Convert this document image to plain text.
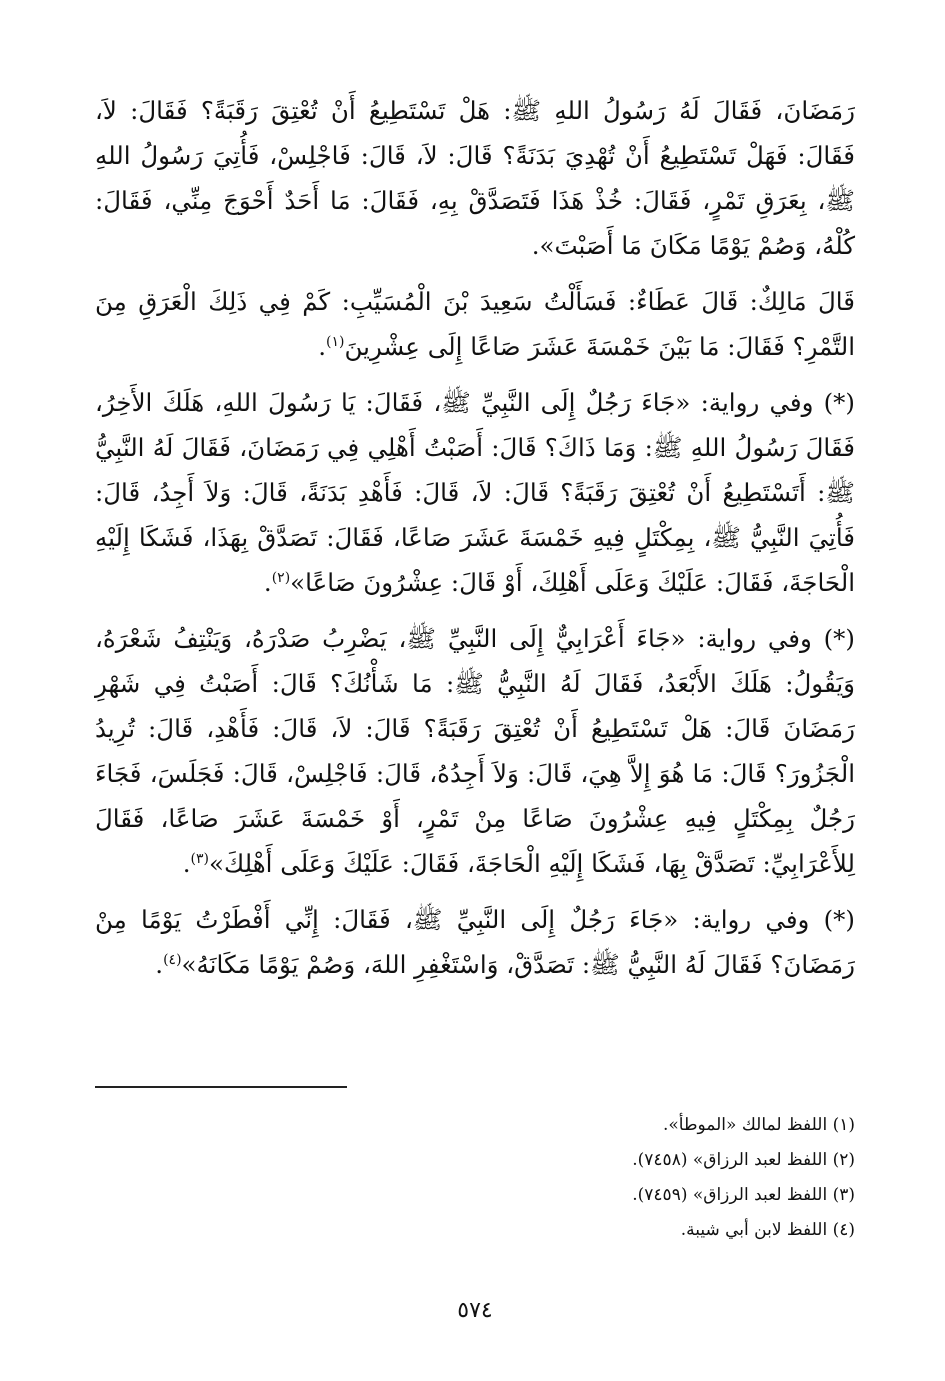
رَمَضَانَ، فَقَالَ لَهُ رَسُولُ اللهِ ﷺ: هَلْ تَسْتَطِيعُ أَنْ تُعْتِقَ رَقَبَةً؟ فَقَالَ: لاَ، فَقَالَ: فَهَلْ تَسْتَطِيعُ أَنْ تُهْدِيَ بَدَنَةً؟ قَالَ: لاَ، قَالَ: فَاجْلِسْ، فَأُتِيَ رَسُولُ اللهِ ﷺ، بِعَرَقِ تَمْرٍ، فَقَالَ: خُذْ هَذَا فَتَصَدَّقْ بِهِ، فَقَالَ: مَا أَحَدٌ أَحْوَجَ مِنِّي، فَقَالَ: كُلْهُ، وَصُمْ يَوْمًا مَكَانَ مَا أَصَبْتَ».

قَالَ مَالِكٌ: قَالَ عَطَاءٌ: فَسَأَلْتُ سَعِيدَ بْنَ الْمُسَيِّبِ: كَمْ فِي ذَلِكَ الْعَرَقِ مِنَ التَّمْرِ؟ فَقَالَ: مَا بَيْنَ خَمْسَةَ عَشَرَ صَاعًا إِلَى عِشْرِينَ$^{(١)}$.

(*) وفي رواية: «جَاءَ رَجُلٌ إِلَى النَّبِيِّ ﷺ، فَقَالَ: يَا رَسُولَ اللهِ، هَلَكَ الأَخِرُ، فَقَالَ رَسُولُ اللهِ ﷺ: وَمَا ذَاكَ؟ قَالَ: أَصَبْتُ أَهْلِي فِي رَمَضَانَ، فَقَالَ لَهُ النَّبِيُّ ﷺ: أَتَسْتَطِيعُ أَنْ تُعْتِقَ رَقَبَةً؟ قَالَ: لاَ، قَالَ: فَأَهْدِ بَدَنَةً، قَالَ: وَلاَ أَجِدُ، قَالَ: فَأُتِيَ النَّبِيُّ ﷺ، بِمِكْتَلٍ فِيهِ خَمْسَةَ عَشَرَ صَاعًا، فَقَالَ: تَصَدَّقْ بِهَذَا، فَشَكَا إِلَيْهِ الْحَاجَةَ، فَقَالَ: عَلَيْكَ وَعَلَى أَهْلِكَ، أَوْ قَالَ: عِشْرُونَ صَاعًا»$^{(٢)}$.

(*) وفي رواية: «جَاءَ أَعْرَابِيٌّ إِلَى النَّبِيِّ ﷺ، يَضْرِبُ صَدْرَهُ، وَيَنْتِفُ شَعْرَهُ، وَيَقُولُ: هَلَكَ الأَبْعَدُ، فَقَالَ لَهُ النَّبِيُّ ﷺ: مَا شَأْنُكَ؟ قَالَ: أَصَبْتُ فِي شَهْرِ رَمَضَانَ قَالَ: هَلْ تَسْتَطِيعُ أَنْ تُعْتِقَ رَقَبَةً؟ قَالَ: لاَ، قَالَ: فَأَهْدِ، قَالَ: تُرِيدُ الْجَزُورَ؟ قَالَ: مَا هُوَ إِلاَّ هِيَ، قَالَ: وَلاَ أَجِدُهُ، قَالَ: فَاجْلِسْ، قَالَ: فَجَلَسَ، فَجَاءَ رَجُلٌ بِمِكْتَلٍ فِيهِ عِشْرُونَ صَاعًا مِنْ تَمْرٍ، أَوْ خَمْسَةَ عَشَرَ صَاعًا، فَقَالَ لِلأَعْرَابِيِّ: تَصَدَّقْ بِهَا، فَشَكَا إِلَيْهِ الْحَاجَةَ، فَقَالَ: عَلَيْكَ وَعَلَى أَهْلِكَ»$^{(٣)}$.

(*) وفي رواية: «جَاءَ رَجُلٌ إِلَى النَّبِيِّ ﷺ، فَقَالَ: إِنِّي أَفْطَرْتُ يَوْمًا مِنْ رَمَضَانَ؟ فَقَالَ لَهُ النَّبِيُّ ﷺ: تَصَدَّقْ، وَاسْتَغْفِرِ اللهَ، وَصُمْ يَوْمًا مَكَانَهُ»$^{(٤)}$.

(١) اللفظ لمالك «الموطأ».

(٢) اللفظ لعبد الرزاق» (٧٤٥٨).

(٣) اللفظ لعبد الرزاق» (٧٤٥٩).

(٤) اللفظ لابن أبي شيبة.

٥٧٤
